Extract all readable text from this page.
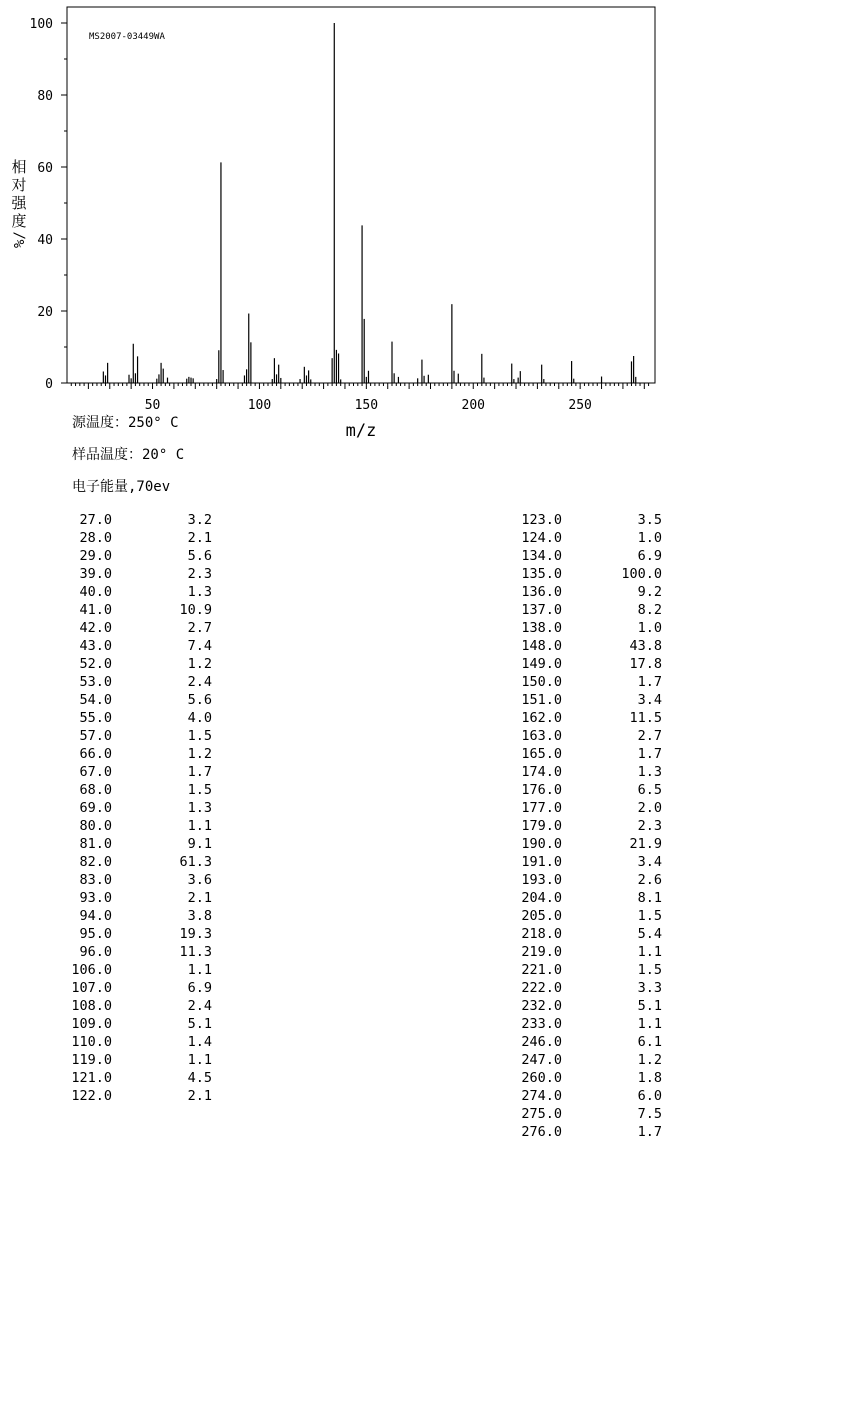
MS2007-03449WA
0
20
40
60
80
100
50	100	150	200	250
m/z
相
对
强
度
%/
源温度：250° C
样品温度：20° C
电子能量,70ev
27.0	3.2
28.0	2.1
29.0	5.6
39.0	2.3
40.0	1.3
41.0	10.9
42.0	2.7
43.0	7.4
52.0	1.2
53.0	2.4
54.0	5.6
55.0	4.0
57.0	1.5
66.0	1.2
67.0	1.7
68.0	1.5
69.0	1.3
80.0	1.1
81.0	9.1
82.0	61.3
83.0	3.6
93.0	2.1
94.0	3.8
95.0	19.3
96.0	11.3
106.0	1.1
107.0	6.9
108.0	2.4
109.0	5.1
110.0	1.4
119.0	1.1
121.0	4.5
122.0	2.1
123.0	3.5
124.0	1.0
134.0	6.9
135.0	100.0
136.0	9.2
137.0	8.2
138.0	1.0
148.0	43.8
149.0	17.8
150.0	1.7
151.0	3.4
162.0	11.5
163.0	2.7
165.0	1.7
174.0	1.3
176.0	6.5
177.0	2.0
179.0	2.3
190.0	21.9
191.0	3.4
193.0	2.6
204.0	8.1
205.0	1.5
218.0	5.4
219.0	1.1
221.0	1.5
222.0	3.3
232.0	5.1
233.0	1.1
246.0	6.1
247.0	1.2
260.0	1.8
274.0	6.0
275.0	7.5
276.0	1.7
